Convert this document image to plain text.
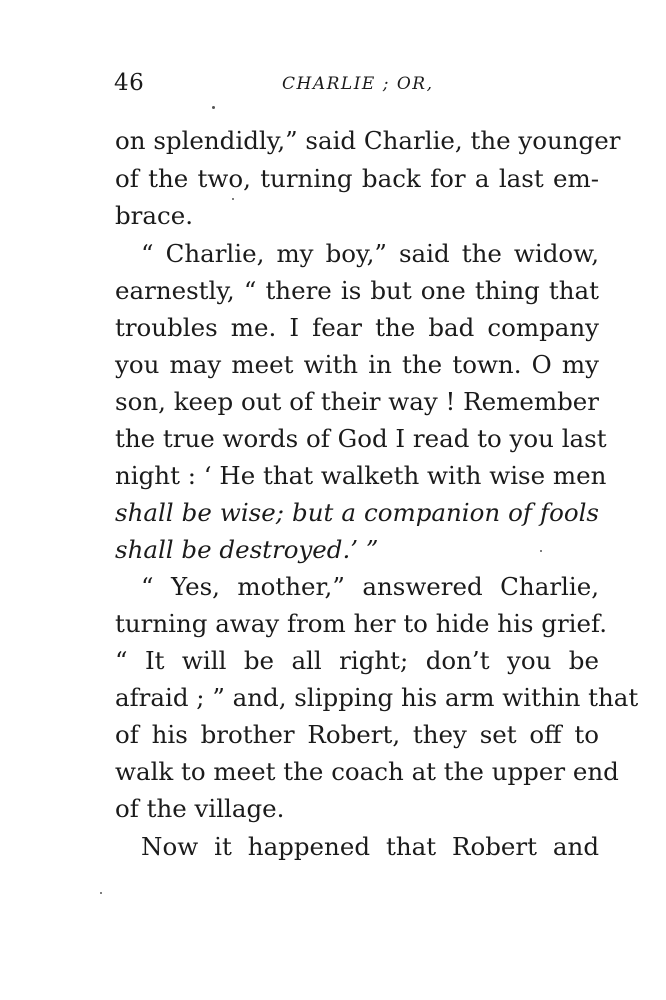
46	CHARLIE ; OR,
on splendidly,” said Charlie, the younger
of the two, turning back for a last em-
brace.
“ Charlie, my boy,” said the widow,
earnestly, “ there is but one thing that
troubles me. I fear the bad company
you may meet with in the town. O my
son, keep out of their way ! Remember
the true words of God I read to you last
night : ‘ He that walketh with wise men
shall be wise; but a companion of fools
shall be destroyed.’ ”
“ Yes, mother,” answered Charlie,
turning away from her to hide his grief.
“ It will be all right; don’t you be
afraid ; ” and, slipping his arm within that
of his brother Robert, they set off to
walk to meet the coach at the upper end
of the village.
Now it happened that Robert and
